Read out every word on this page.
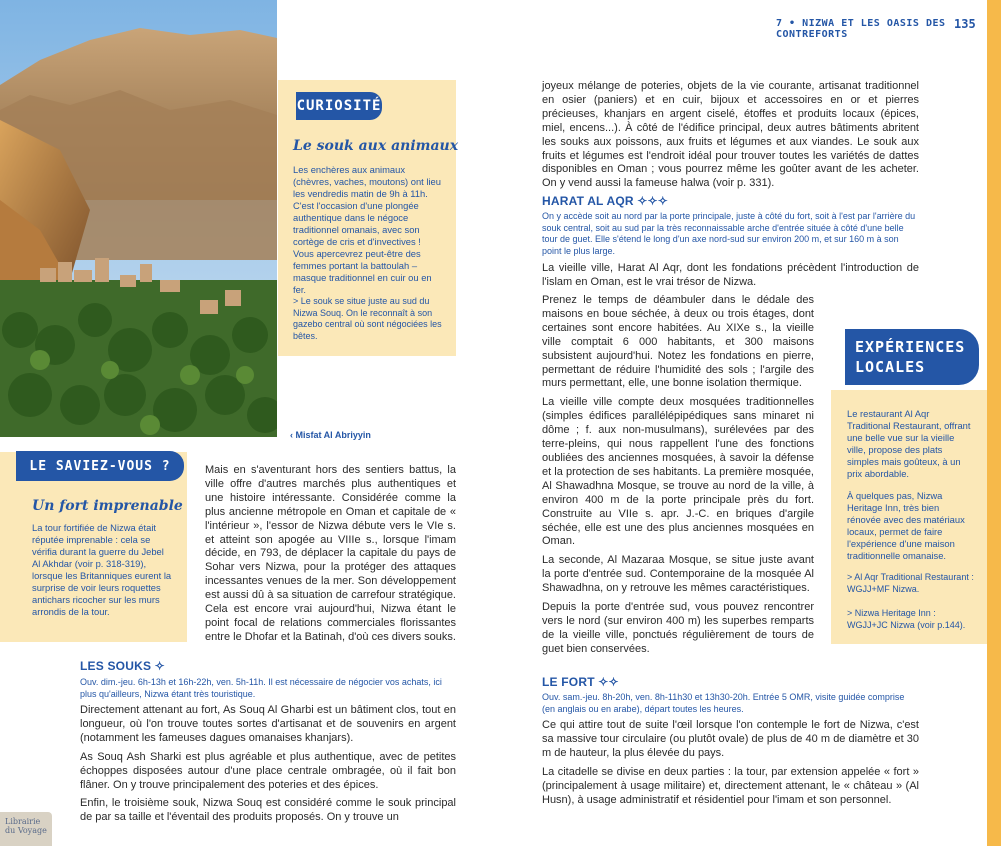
‹ Misfat Al Abriyyin
7 • NIZWA ET LES OASIS DES CONTREFORTS
135
CURIOSITÉ
Le souk aux animaux
Les enchères aux animaux (chèvres, vaches, moutons) ont lieu les vendredis matin de 9h à 11h. C'est l'occasion d'une plongée authentique dans le négoce traditionnel omanais, avec son cortège de cris et d'invectives ! Vous apercevrez peut-être des femmes portant la battoulah – masque traditionnel en cuir ou en fer.
> Le souk se situe juste au sud du Nizwa Souq. On le reconnaît à son gazebo central où sont négociées les bêtes.
LE SAVIEZ-VOUS ?
Un fort imprenable
La tour fortifiée de Nizwa était réputée imprenable : cela se vérifia durant la guerre du Jebel Al Akhdar (voir p. 318-319), lorsque les Britanniques eurent la surprise de voir leurs roquettes antichars ricocher sur les murs arrondis de la tour.
EXPÉRIENCES
LOCALES
Le restaurant Al Aqr Traditional Restaurant, offrant une belle vue sur la vieille ville, propose des plats simples mais goûteux, à un prix abordable.
À quelques pas, Nizwa Heritage Inn, très bien rénovée avec des matériaux locaux, permet de faire l'expérience d'une maison traditionnelle omanaise.
> Al Aqr Traditional Restaurant : WGJJ+MF Nizwa.
> Nizwa Heritage Inn : WGJJ+JC Nizwa (voir p.144).

Mais en s'aventurant hors des sentiers battus, la ville offre d'autres marchés plus authentiques et une histoire intéressante. Considérée comme la plus ancienne métropole en Oman et capitale de « l'intérieur », l'essor de Nizwa débute vers le VIe s. et atteint son apogée au VIIIe s., lorsque l'imam décide, en 793, de déplacer la capitale du pays de Sohar vers Nizwa, pour la protéger des attaques incessantes venues de la mer. Son développement est aussi dû à sa situation de carrefour stratégique. Cela est encore vrai aujourd'hui, Nizwa étant le point focal de relations commerciales florissantes entre le Dhofar et la Batinah, d'où ces divers souks.

LES SOUKS ✧
Ouv. dim.-jeu. 6h-13h et 16h-22h, ven. 5h-11h. Il est nécessaire de négocier vos achats, ici plus qu'ailleurs, Nizwa étant très touristique.

Directement attenant au fort, As Souq Al Gharbi est un bâtiment clos, tout en longueur, où l'on trouve toutes sortes d'artisanat et de souvenirs en argent (notamment les fameuses dagues omanaises khanjars).

As Souq Ash Sharki est plus agréable et plus authentique, avec de petites échoppes disposées autour d'une place centrale ombragée, où il fait bon flâner. On y trouve principalement des poteries et des épices.

Enfin, le troisième souk, Nizwa Souq est considéré comme le souk principal de par sa taille et l'éventail des produits proposés. On y trouve un

joyeux mélange de poteries, objets de la vie courante, artisanat traditionnel en osier (paniers) et en cuir, bijoux et accessoires en or et pierres précieuses, khanjars en argent ciselé, étoffes et produits locaux (épices, miel, encens...). À côté de l'édifice principal, deux autres bâtiments abritent les souks aux poissons, aux fruits et légumes et aux viandes. Le souk aux fruits et légumes est l'endroit idéal pour trouver toutes les variétés de dattes disponibles en Oman ; vous pourrez même les goûter avant de les acheter. On y vend aussi la fameuse halwa (voir p. 331).

HARAT AL AQR ✧✧✧
On y accède soit au nord par la porte principale, juste à côté du fort, soit à l'est par l'arrière du souk central, soit au sud par la très reconnaissable arche d'entrée située à côté d'une belle tour de guet. Elle s'étend le long d'un axe nord-sud sur environ 200 m, et sur 160 m à son point le plus large.

La vieille ville, Harat Al Aqr, dont les fondations précèdent l'introduction de l'islam en Oman, est le vrai trésor de Nizwa.

Prenez le temps de déambuler dans le dédale des maisons en boue séchée, à deux ou trois étages, dont certaines sont encore habitées. Au XIXe s., la vieille ville comptait 6 000 habitants, et 300 maisons subsistent aujourd'hui. Notez les fondations en pierre, permettant de réduire l'humidité des sols ; l'argile des murs permettant, elle, une bonne isolation thermique.

La vieille ville compte deux mosquées traditionnelles (simples édifices parallélépipédiques sans minaret ni dôme ; f. aux non-musulmans), surélevées par des terre-pleins, qui nous rappellent l'une des fonctions oubliées des anciennes mosquées, à savoir la défense et la protection de ses habitants. La première mosquée, Al Shawadhna Mosque, se trouve au nord de la ville, à environ 400 m de la porte principale près du fort. Construite au VIIe s. apr. J.-C. en briques d'argile séchée, elle est une des plus anciennes mosquées en Oman.

La seconde, Al Mazaraa Mosque, se situe juste avant la porte d'entrée sud. Contemporaine de la mosquée Al Shawadhna, on y retrouve les mêmes caractéristiques.

Depuis la porte d'entrée sud, vous pouvez rencontrer vers le nord (sur environ 400 m) les superbes remparts de la vieille ville, ponctués régulièrement de tours de guet bien conservées.

LE FORT ✧✧
Ouv. sam.-jeu. 8h-20h, ven. 8h-11h30 et 13h30-20h. Entrée 5 OMR, visite guidée comprise (en anglais ou en arabe), départ toutes les heures.

Ce qui attire tout de suite l'œil lorsque l'on contemple le fort de Nizwa, c'est sa massive tour circulaire (ou plutôt ovale) de plus de 40 m de diamètre et 30 m de hauteur, la plus élevée du pays.

La citadelle se divise en deux parties : la tour, par extension appelée « fort » (principalement à usage militaire) et, directement attenant, le « château » (Al Husn), à usage administratif et résidentiel pour l'imam et son personnel.

Librairie
du Voyage
